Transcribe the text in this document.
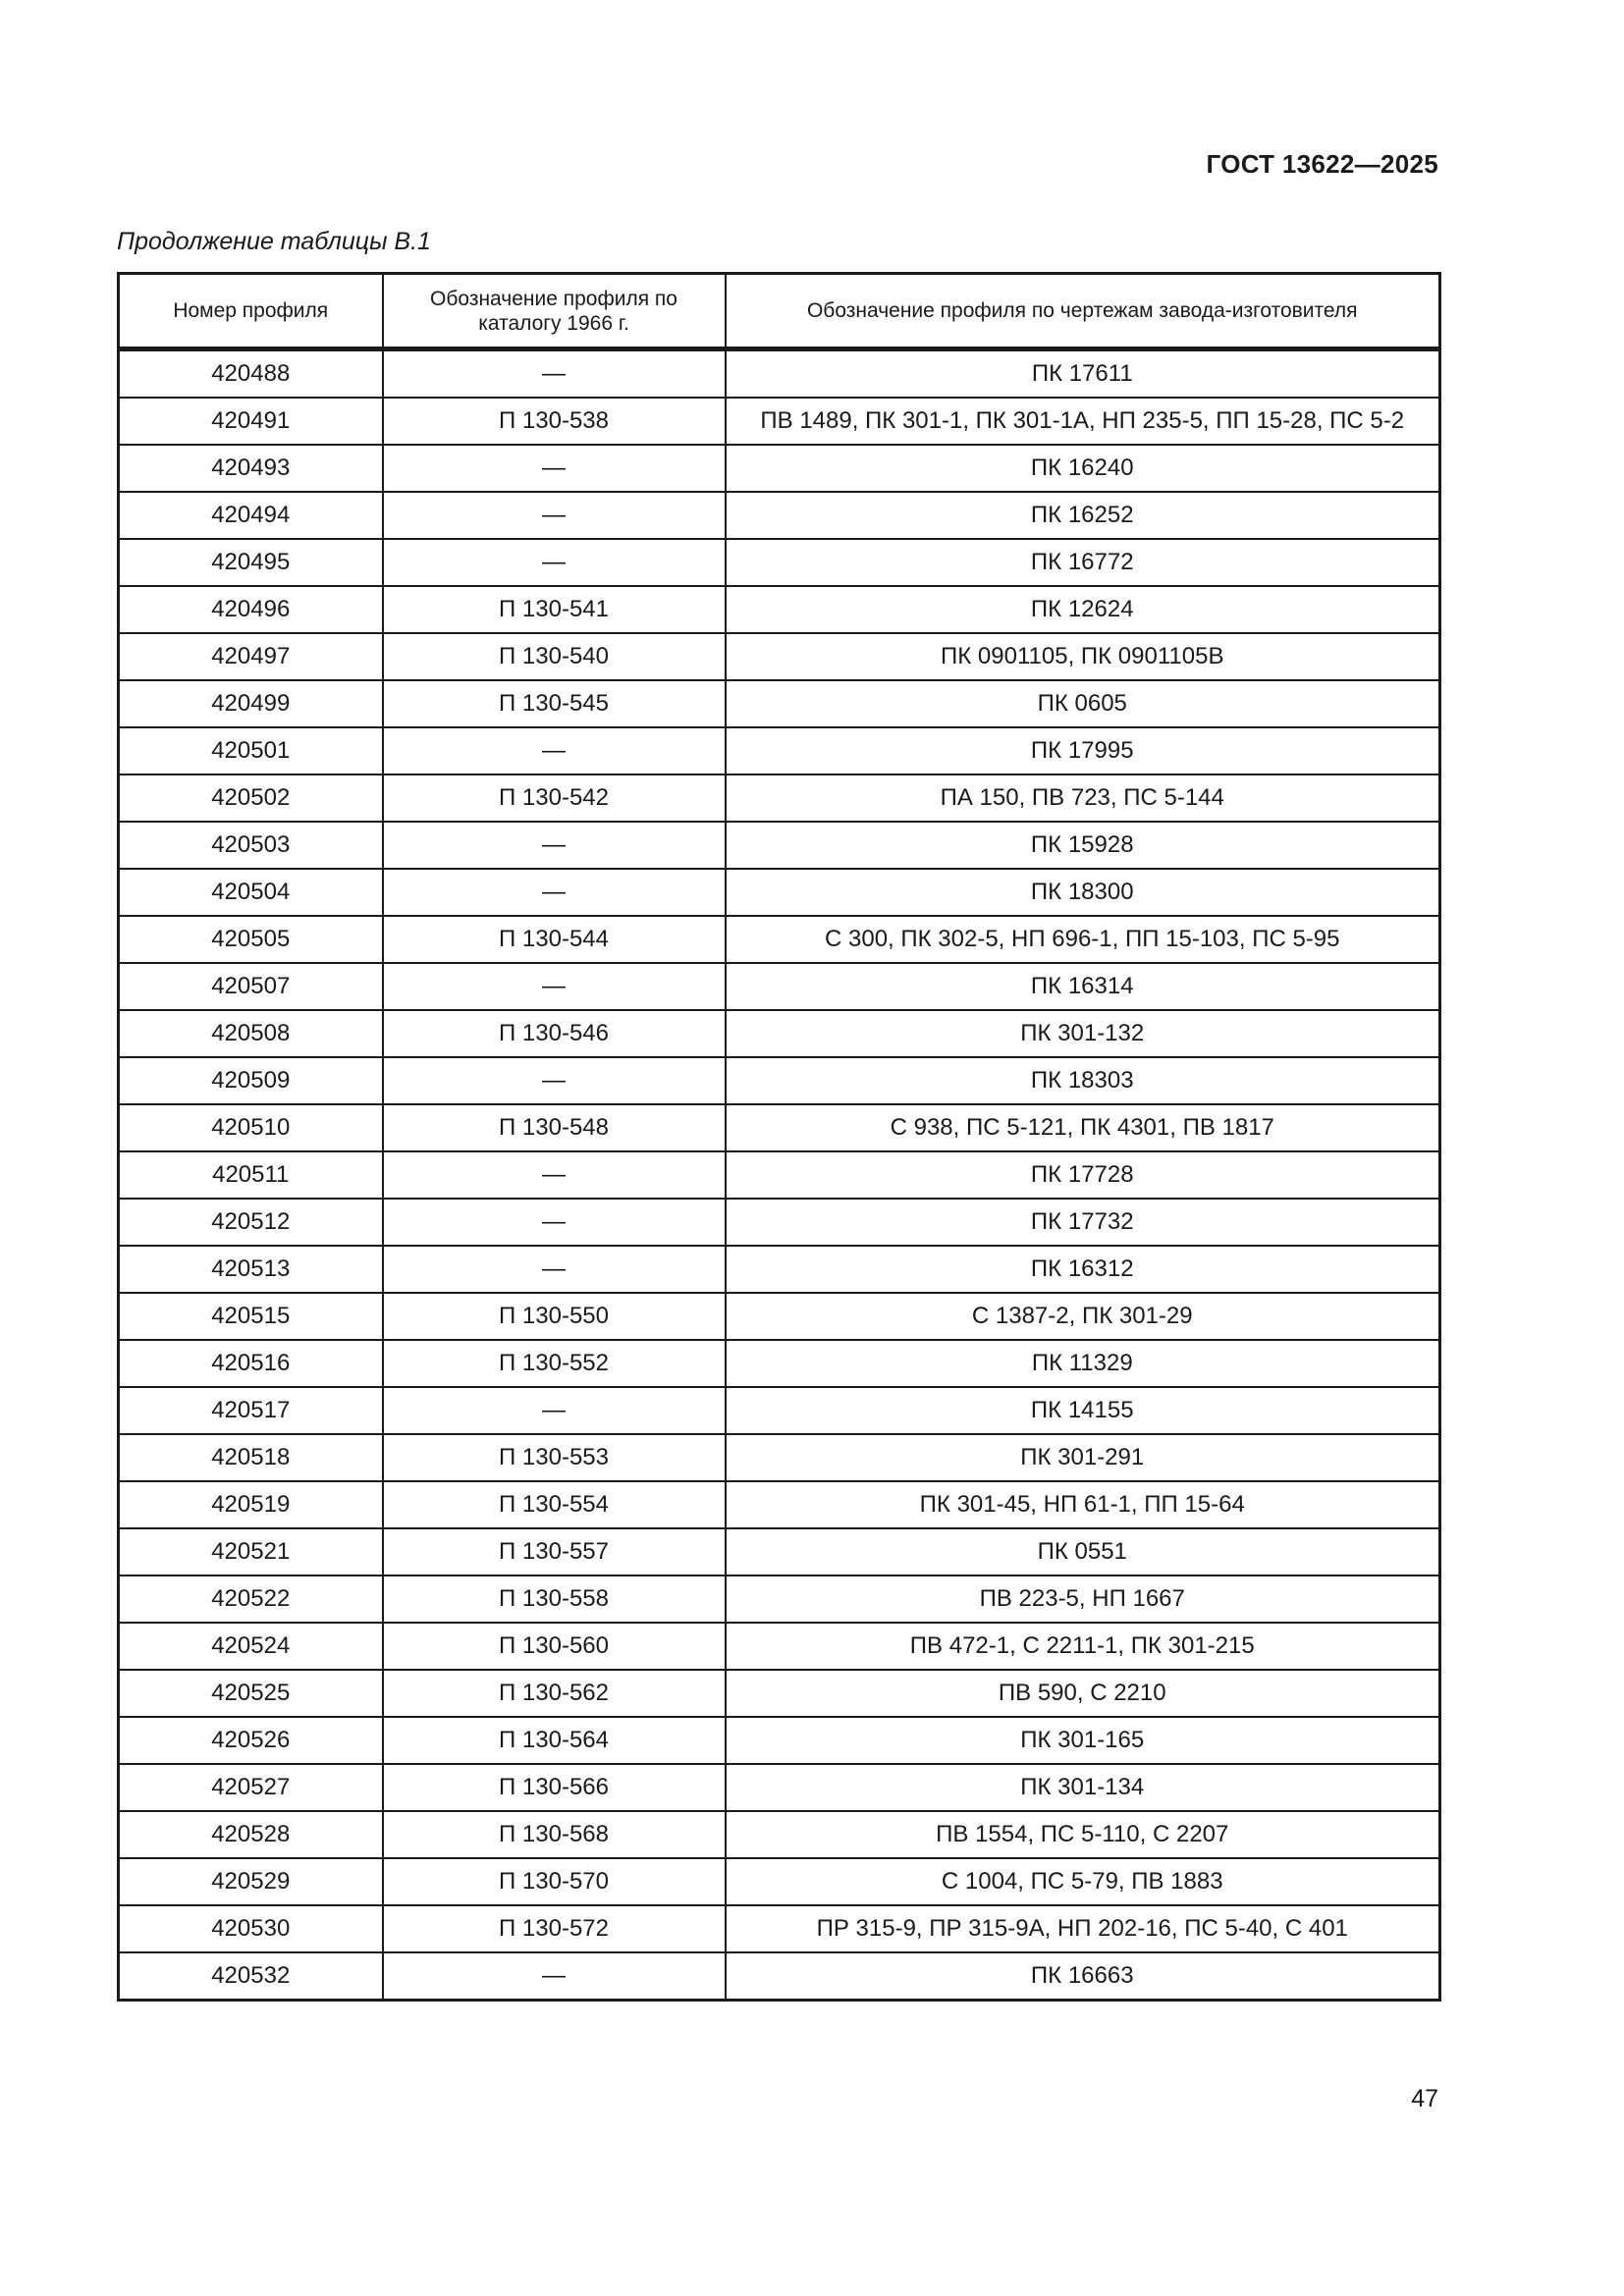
ГОСТ 13622—2025
Продолжение таблицы В.1
Номер профиля	Обозначение профиля по каталогу 1966 г.	Обозначение профиля по чертежам завода-изготовителя
420488	—	ПК 17611
420491	П 130-538	ПВ 1489, ПК 301-1, ПК 301-1А, НП 235-5, ПП 15-28, ПС 5-2
420493	—	ПК 16240
420494	—	ПК 16252
420495	—	ПК 16772
420496	П 130-541	ПК 12624
420497	П 130-540	ПК 0901105, ПК 0901105В
420499	П 130-545	ПК 0605
420501	—	ПК 17995
420502	П 130-542	ПА 150, ПВ 723, ПС 5-144
420503	—	ПК 15928
420504	—	ПК 18300
420505	П 130-544	С 300, ПК 302-5, НП 696-1, ПП 15-103, ПС 5-95
420507	—	ПК 16314
420508	П 130-546	ПК 301-132
420509	—	ПК 18303
420510	П 130-548	С 938, ПС 5-121, ПК 4301, ПВ 1817
420511	—	ПК 17728
420512	—	ПК 17732
420513	—	ПК 16312
420515	П 130-550	С 1387-2, ПК 301-29
420516	П 130-552	ПК 11329
420517	—	ПК 14155
420518	П 130-553	ПК 301-291
420519	П 130-554	ПК 301-45, НП 61-1, ПП 15-64
420521	П 130-557	ПК 0551
420522	П 130-558	ПВ 223-5, НП 1667
420524	П 130-560	ПВ 472-1, С 2211-1, ПК 301-215
420525	П 130-562	ПВ 590, С 2210
420526	П 130-564	ПК 301-165
420527	П 130-566	ПК 301-134
420528	П 130-568	ПВ 1554, ПС 5-110, С 2207
420529	П 130-570	С 1004, ПС 5-79, ПВ 1883
420530	П 130-572	ПР 315-9, ПР 315-9А, НП 202-16, ПС 5-40, С 401
420532	—	ПК 16663
47
